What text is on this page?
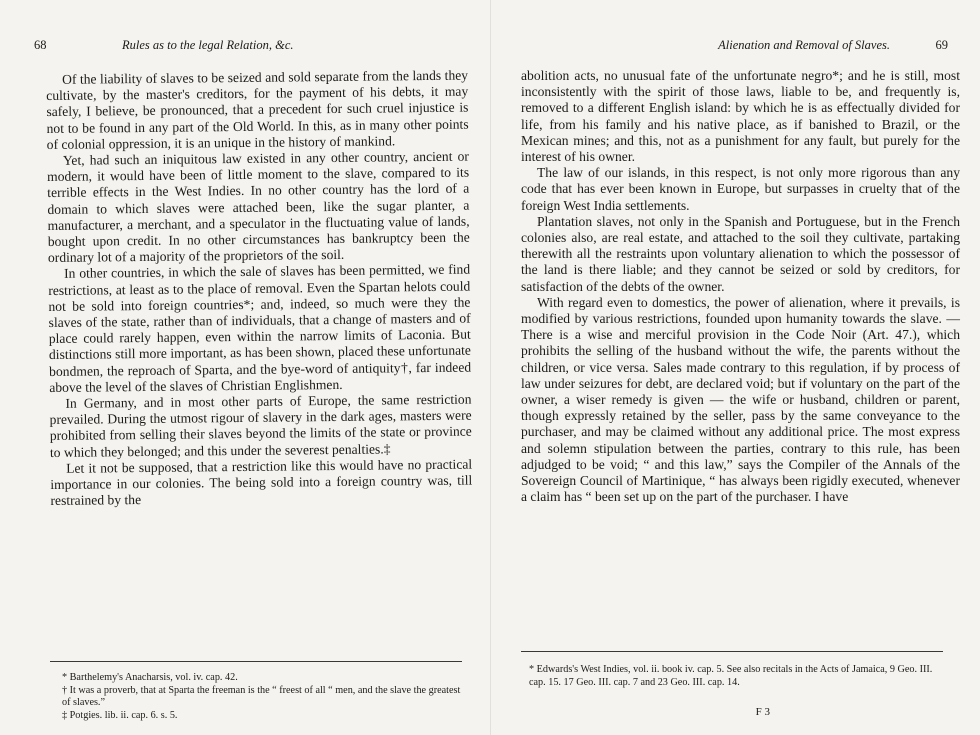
68	Rules as to the legal Relation, &c.

Of the liability of slaves to be seized and sold separate from the lands they cultivate, by the master's creditors, for the payment of his debts, it may safely, I believe, be pronounced, that a precedent for such cruel injustice is not to be found in any part of the Old World. In this, as in many other points of colonial oppression, it is an unique in the history of mankind.

Yet, had such an iniquitous law existed in any other country, ancient or modern, it would have been of little moment to the slave, compared to its terrible effects in the West Indies. In no other country has the lord of a domain to which slaves were attached been, like the sugar planter, a manufacturer, a merchant, and a speculator in the fluctuating value of lands, bought upon credit. In no other circumstances has bankruptcy been the ordinary lot of a majority of the proprietors of the soil.

In other countries, in which the sale of slaves has been permitted, we find restrictions, at least as to the place of removal. Even the Spartan helots could not be sold into foreign countries*; and, indeed, so much were they the slaves of the state, rather than of individuals, that a change of masters and of place could rarely happen, even within the narrow limits of Laconia. But distinctions still more important, as has been shown, placed these unfortunate bondmen, the reproach of Sparta, and the bye-word of antiquity†, far indeed above the level of the slaves of Christian Englishmen.

In Germany, and in most other parts of Europe, the same restriction prevailed. During the utmost rigour of slavery in the dark ages, masters were prohibited from selling their slaves beyond the limits of the state or province to which they belonged; and this under the severest penalties.‡

Let it not be supposed, that a restriction like this would have no practical importance in our colonies. The being sold into a foreign country was, till restrained by the

* Barthelemy's Anacharsis, vol. iv. cap. 42.

† It was a proverb, that at Sparta the freeman is the “ freest of all “ men, and the slave the greatest of slaves.”

‡ Potgies. lib. ii. cap. 6. s. 5.

Alienation and Removal of Slaves.	69

abolition acts, no unusual fate of the unfortunate negro*; and he is still, most inconsistently with the spirit of those laws, liable to be, and frequently is, removed to a different English island: by which he is as effectually divided for life, from his family and his native place, as if banished to Brazil, or the Mexican mines; and this, not as a punishment for any fault, but purely for the interest of his owner.

The law of our islands, in this respect, is not only more rigorous than any code that has ever been known in Europe, but surpasses in cruelty that of the foreign West India settlements.

Plantation slaves, not only in the Spanish and Portuguese, but in the French colonies also, are real estate, and attached to the soil they cultivate, partaking therewith all the restraints upon voluntary alienation to which the possessor of the land is there liable; and they cannot be seized or sold by creditors, for satisfaction of the debts of the owner.

With regard even to domestics, the power of alienation, where it prevails, is modified by various restrictions, founded upon humanity towards the slave. — There is a wise and merciful provision in the Code Noir (Art. 47.), which prohibits the selling of the husband without the wife, the parents without the children, or vice versa. Sales made contrary to this regulation, if by process of law under seizures for debt, are declared void; but if voluntary on the part of the owner, a wiser remedy is given — the wife or husband, children or parent, though expressly retained by the seller, pass by the same conveyance to the purchaser, and may be claimed without any additional price. The most express and solemn stipulation between the parties, contrary to this rule, has been adjudged to be void; “ and this law,” says the Compiler of the Annals of the Sovereign Council of Martinique, “ has always been rigidly executed, whenever a claim has “ been set up on the part of the purchaser. I have

* Edwards's West Indies, vol. ii. book iv. cap. 5. See also recitals in the Acts of Jamaica, 9 Geo. III. cap. 15. 17 Geo. III. cap. 7 and 23 Geo. III. cap. 14.

F 3
